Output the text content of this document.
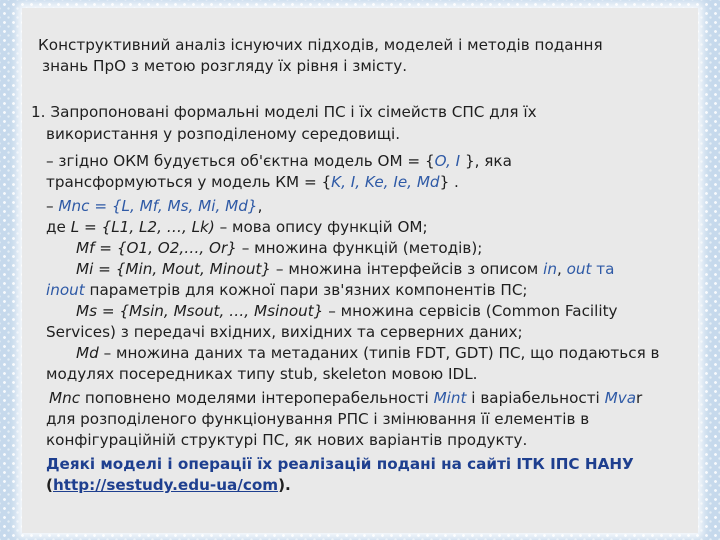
Конструктивний аналіз існуючих підходів, моделей і методів подання
знань ПрО з метою розгляду їх рівня і змісту.
1. Запропоновані формальні моделі ПС і їх сімейств СПС для їх
використання у розподіленому середовищі.
– згідно ОКМ будується об'єктна модель ОМ = {O, I }, яка
трансформуються у модель КМ = {K, I, Ke, Ie, Md} .
– Mnc = {L, Mf, Ms, Mi, Md},
де L = {L1, L2, …, Lk) – мова опису функцій ОМ;
Mf = {O1, O2,…, Or} – множина функцій (методів);
Mi = {Min, Mout, Minout} – множина інтерфейсів з описом in, out та
inout параметрів для кожної пари зв'язних компонентів ПС;
Ms = {Msin, Msout, …, Msinout} – множина сервісів (Common Facility
Services) з передачі вхідних, вихідних та серверних даних;
Md – множина даних та метаданих (типів FDT, GDT) ПС, що подаються в
модулях посередниках типу stub, skeleton мовою IDL.
Mnc поповнено моделями інтероперабельності Mint і варіабельності Mvar
для розподіленого функціонування РПС і змінювання її елементів в
конфігураційній структурі ПС, як нових варіантів продукту.
Деякі моделі і операції їх реалізацій подані на сайті ІТК ІПС НАНУ
(http://sestudy.edu-ua/com).
